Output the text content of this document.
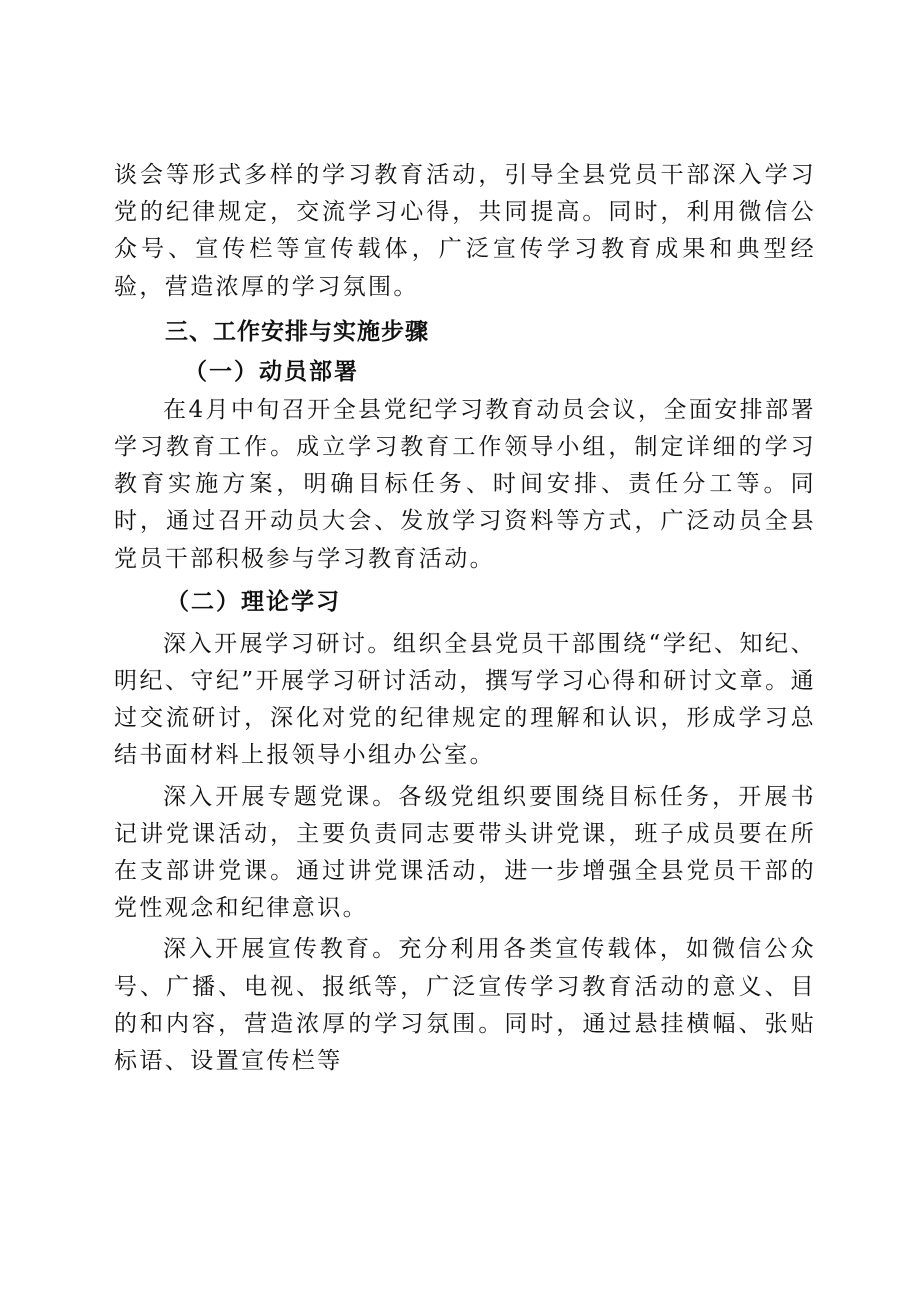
谈会等形式多样的学习教育活动，引导全县党员干部深入学习党的纪律规定，交流学习心得，共同提高。同时，利用微信公众号、宣传栏等宣传载体，广泛宣传学习教育成果和典型经验，营造浓厚的学习氛围。

三、工作安排与实施步骤
（一）动员部署

在4月中旬召开全县党纪学习教育动员会议，全面安排部署学习教育工作。成立学习教育工作领导小组，制定详细的学习教育实施方案，明确目标任务、时间安排、责任分工等。同时，通过召开动员大会、发放学习资料等方式，广泛动员全县党员干部积极参与学习教育活动。

（二）理论学习

深入开展学习研讨。组织全县党员干部围绕“学纪、知纪、明纪、守纪”开展学习研讨活动，撰写学习心得和研讨文章。通过交流研讨，深化对党的纪律规定的理解和认识，形成学习总结书面材料上报领导小组办公室。

深入开展专题党课。各级党组织要围绕目标任务，开展书记讲党课活动，主要负责同志要带头讲党课，班子成员要在所在支部讲党课。通过讲党课活动，进一步增强全县党员干部的党性观念和纪律意识。

深入开展宣传教育。充分利用各类宣传载体，如微信公众号、广播、电视、报纸等，广泛宣传学习教育活动的意义、目的和内容，营造浓厚的学习氛围。同时，通过悬挂横幅、张贴标语、设置宣传栏等
